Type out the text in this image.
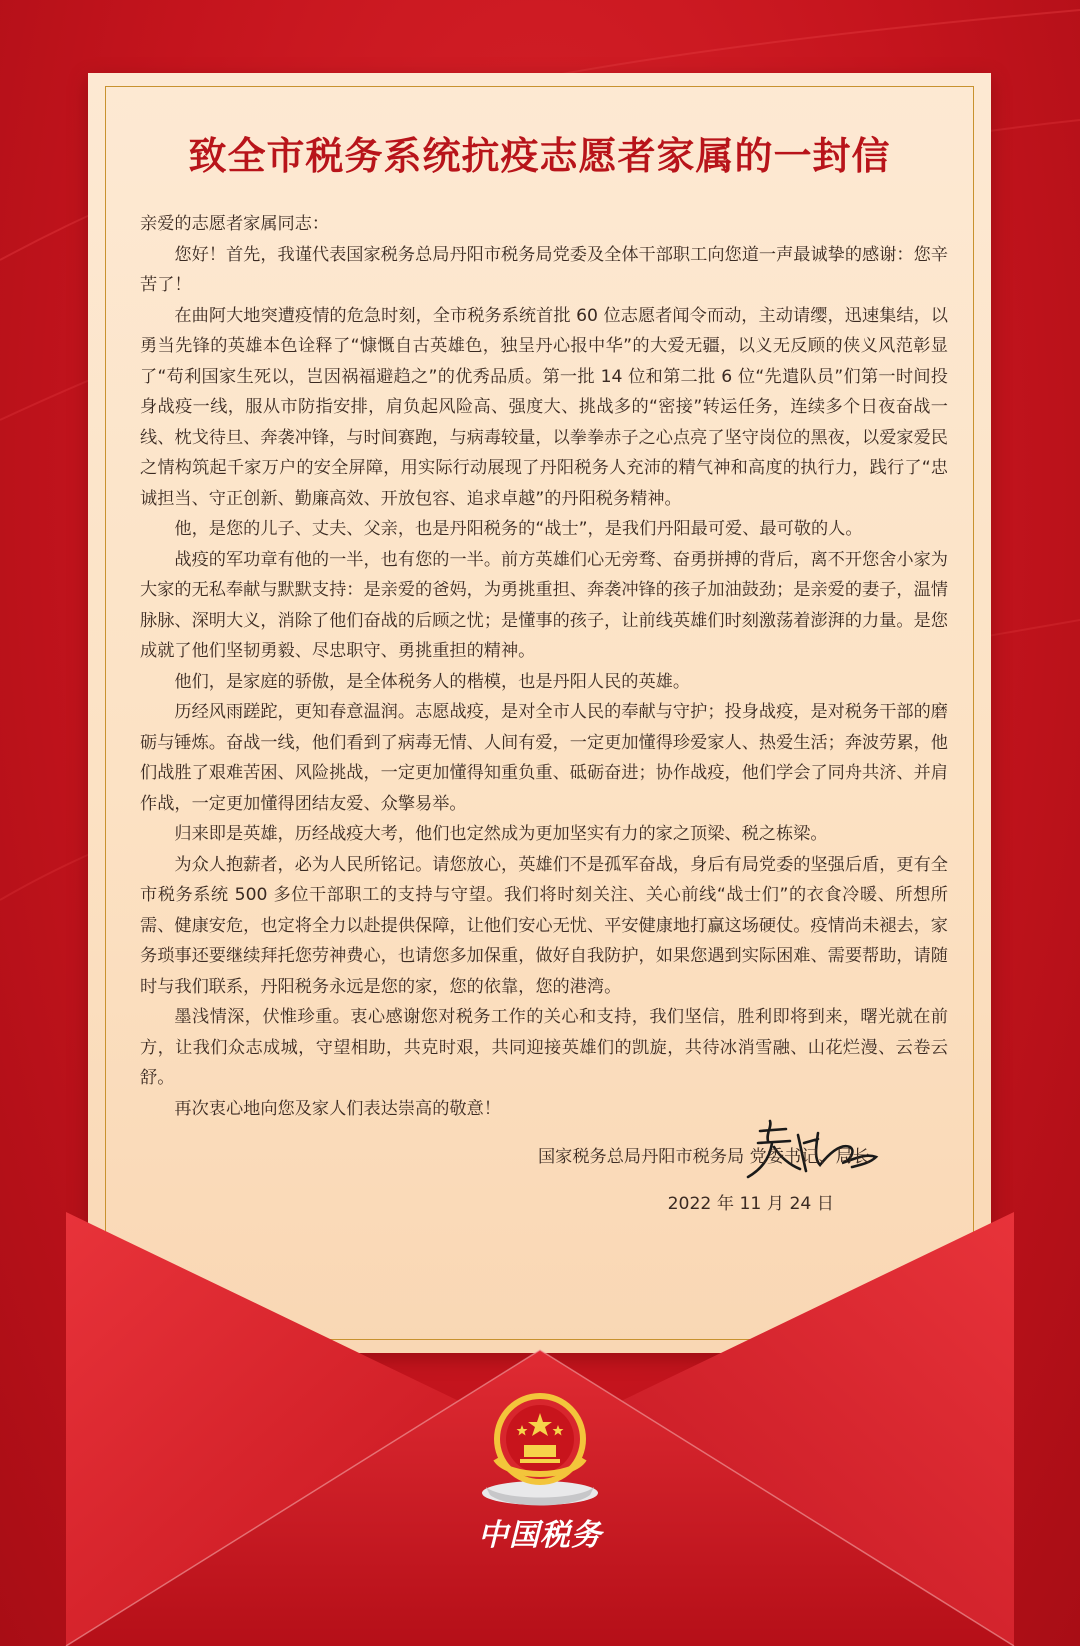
致全市税务系统抗疫志愿者家属的一封信

亲爱的志愿者家属同志：

您好！首先，我谨代表国家税务总局丹阳市税务局党委及全体干部职工向您道一声最诚挚的感谢：您辛苦了！

在曲阿大地突遭疫情的危急时刻，全市税务系统首批 60 位志愿者闻令而动，主动请缨，迅速集结，以勇当先锋的英雄本色诠释了“慷慨自古英雄色，独呈丹心报中华”的大爱无疆，以义无反顾的侠义风范彰显了“苟利国家生死以，岂因祸福避趋之”的优秀品质。第一批 14 位和第二批 6 位“先遣队员”们第一时间投身战疫一线，服从市防指安排，肩负起风险高、强度大、挑战多的“密接”转运任务，连续多个日夜奋战一线、枕戈待旦、奔袭冲锋，与时间赛跑，与病毒较量，以拳拳赤子之心点亮了坚守岗位的黑夜，以爱家爱民之情构筑起千家万户的安全屏障，用实际行动展现了丹阳税务人充沛的精气神和高度的执行力，践行了“忠诚担当、守正创新、勤廉高效、开放包容、追求卓越”的丹阳税务精神。

他，是您的儿子、丈夫、父亲，也是丹阳税务的“战士”，是我们丹阳最可爱、最可敬的人。

战疫的军功章有他的一半，也有您的一半。前方英雄们心无旁骛、奋勇拼搏的背后，离不开您舍小家为大家的无私奉献与默默支持：是亲爱的爸妈，为勇挑重担、奔袭冲锋的孩子加油鼓劲；是亲爱的妻子，温情脉脉、深明大义，消除了他们奋战的后顾之忧；是懂事的孩子，让前线英雄们时刻激荡着澎湃的力量。是您成就了他们坚韧勇毅、尽忠职守、勇挑重担的精神。

他们，是家庭的骄傲，是全体税务人的楷模，也是丹阳人民的英雄。

历经风雨蹉跎，更知春意温润。志愿战疫，是对全市人民的奉献与守护；投身战疫，是对税务干部的磨砺与锤炼。奋战一线，他们看到了病毒无情、人间有爱，一定更加懂得珍爱家人、热爱生活；奔波劳累，他们战胜了艰难苦困、风险挑战，一定更加懂得知重负重、砥砺奋进；协作战疫，他们学会了同舟共济、并肩作战，一定更加懂得团结友爱、众擎易举。

归来即是英雄，历经战疫大考，他们也定然成为更加坚实有力的家之顶梁、税之栋梁。

为众人抱薪者，必为人民所铭记。请您放心，英雄们不是孤军奋战，身后有局党委的坚强后盾，更有全市税务系统 500 多位干部职工的支持与守望。我们将时刻关注、关心前线“战士们”的衣食冷暖、所想所需、健康安危，也定将全力以赴提供保障，让他们安心无忧、平安健康地打赢这场硬仗。疫情尚未褪去，家务琐事还要继续拜托您劳神费心，也请您多加保重，做好自我防护，如果您遇到实际困难、需要帮助，请随时与我们联系，丹阳税务永远是您的家，您的依靠，您的港湾。

墨浅情深，伏惟珍重。衷心感谢您对税务工作的关心和支持，我们坚信，胜利即将到来，曙光就在前方，让我们众志成城，守望相助，共克时艰，共同迎接英雄们的凯旋，共待冰消雪融、山花烂漫、云卷云舒。

再次衷心地向您及家人们表达崇高的敬意！

国家税务总局丹阳市税务局 党委书记、局长
2022 年 11 月 24 日
中国税务
